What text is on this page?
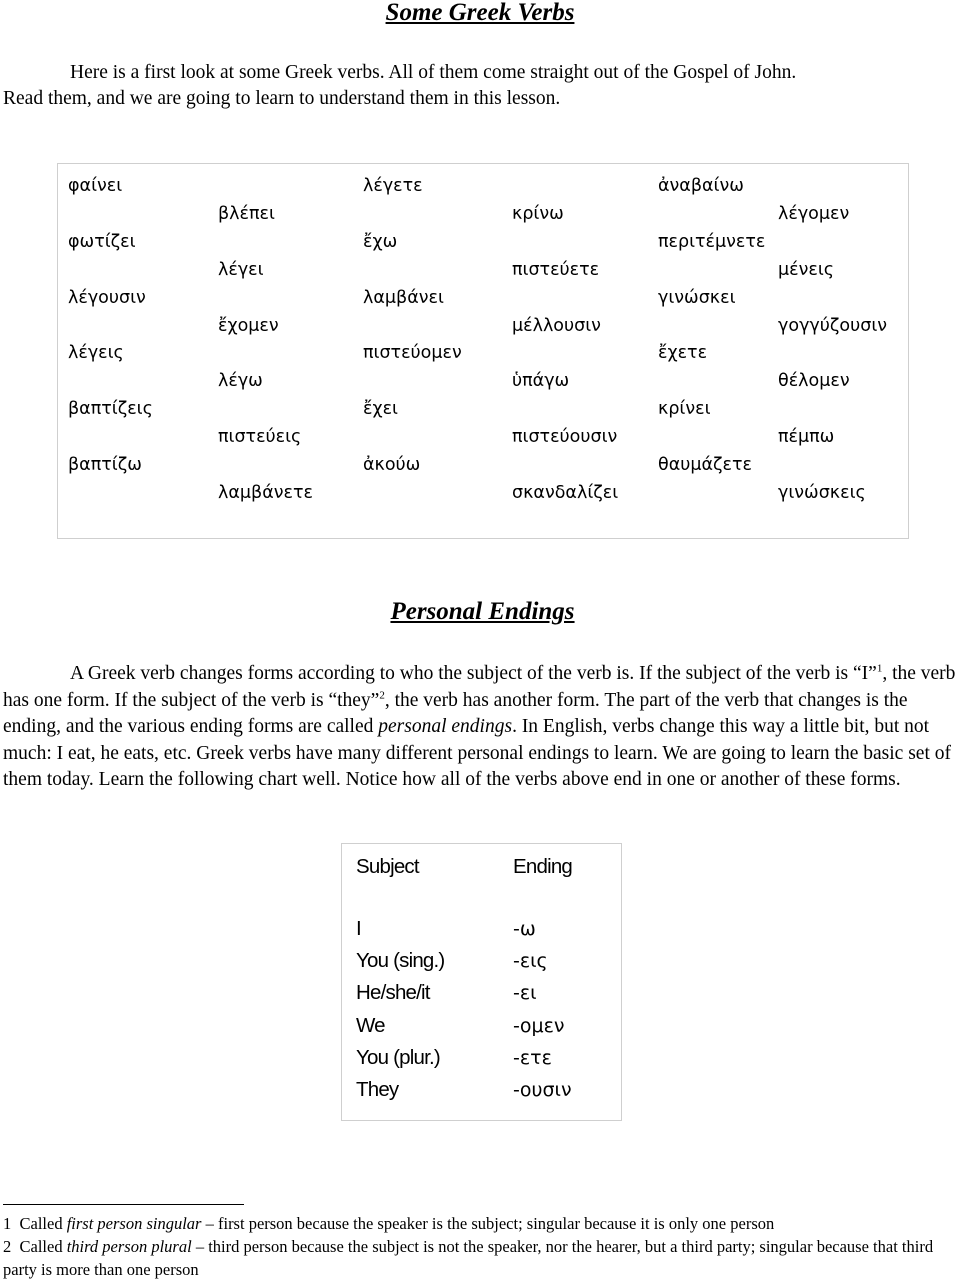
Some Greek Verbs

Here is a first look at some Greek verbs. All of them come straight out of the Gospel of John.
Read them, and we are going to learn to understand them in this lesson.

φαίνει	λέγετε	ἀναβαίνω
βλέπει	κρίνω	λέγομεν
φωτίζει	ἔχω	περιτέμνετε
λέγει	πιστεύετε	μένεις
λέγουσιν	λαμβάνει	γινώσκει
ἔχομεν	μέλλουσιν	γογγύζουσιν
λέγεις	πιστεύομεν	ἔχετε
λέγω	ὑπάγω	θέλομεν
βαπτίζεις	ἔχει	κρίνει
πιστεύεις	πιστεύουσιν	πέμπω
βαπτίζω	ἀκούω	θαυμάζετε
λαμβάνετε	σκανδαλίζει	γινώσκεις
Personal Endings

A Greek verb changes forms according to who the subject of the verb is. If the subject of the verb is “I”$^1$, the verb has one form. If the subject of the verb is “they”$^2$, the verb has another form. The part of the verb that changes is the ending, and the various ending forms are called personal endings. In English, verbs change this way a little bit, but not much: I eat, he eats, etc. Greek verbs have many different personal endings to learn. We are going to learn the basic set of them today. Learn the following chart well. Notice how all of the verbs above end in one or another of these forms.

Subject	Ending
I	-ω
You (sing.)	-εις
He/she/it	-ει
We	-ομεν
You (plur.)	-ετε
They	-ουσιν
1 Called first person singular – first person because the speaker is the subject; singular because it is only one person
2 Called third person plural – third person because the subject is not the speaker, nor the hearer, but a third party; singular because that third party is more than one person
